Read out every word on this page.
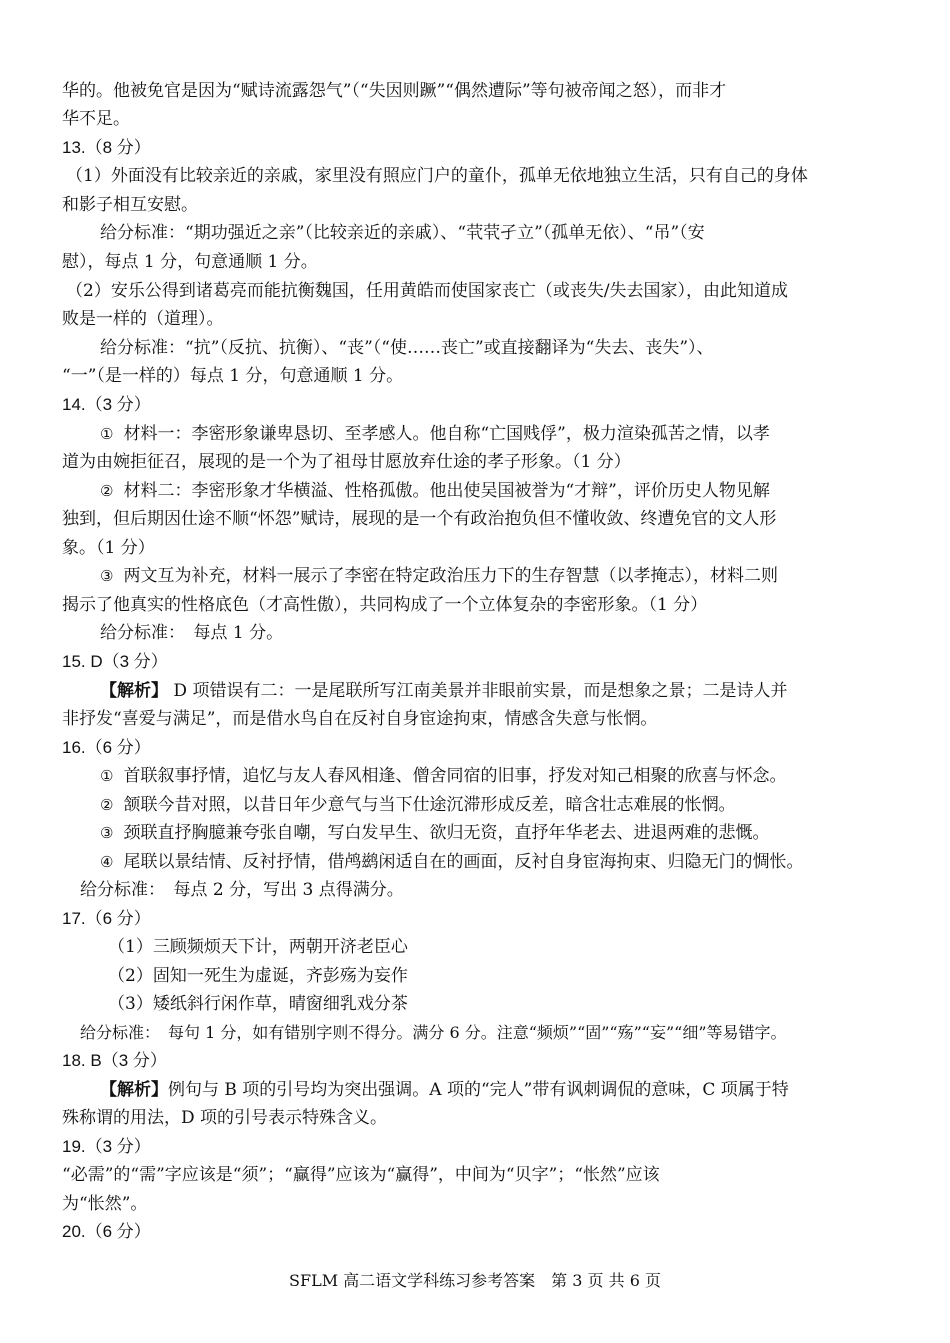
华的。他被免官是因为“赋诗流露怨气”（“失因则蹶”“偶然遭际”等句被帝闻之怒），而非才
华不足。
13.（8 分）
（1）外面没有比较亲近的亲戚，家里没有照应门户的童仆，孤单无依地独立生活，只有自己的身体
和影子相互安慰。
给分标准：“期功强近之亲”（比较亲近的亲戚）、“茕茕孑立”（孤单无依）、“吊”（安
慰），每点 1 分，句意通顺 1 分。
（2）安乐公得到诸葛亮而能抗衡魏国，任用黄皓而使国家丧亡（或丧失/失去国家），由此知道成
败是一样的（道理）。
给分标准：“抗”（反抗、抗衡）、“丧”（“使……丧亡”或直接翻译为“失去、丧失”）、
“一”（是一样的）每点 1 分，句意通顺 1 分。
14.（3 分）
① 材料一：李密形象谦卑恳切、至孝感人。他自称“亡国贱俘”，极力渲染孤苦之情，以孝
道为由婉拒征召，展现的是一个为了祖母甘愿放弃仕途的孝子形象。（1 分）
② 材料二：李密形象才华横溢、性格孤傲。他出使吴国被誉为“才辩”，评价历史人物见解
独到，但后期因仕途不顺“怀怨”赋诗，展现的是一个有政治抱负但不懂收敛、终遭免官的文人形
象。（1 分）
③ 两文互为补充，材料一展示了李密在特定政治压力下的生存智慧（以孝掩志），材料二则
揭示了他真实的性格底色（才高性傲），共同构成了一个立体复杂的李密形象。（1 分）
给分标准：　每点 1 分。
15. D（3 分）
【解析】 D 项错误有二：一是尾联所写江南美景并非眼前实景，而是想象之景；二是诗人并
非抒发“喜爱与满足”，而是借水鸟自在反衬自身宦途拘束，情感含失意与怅惘。
16.（6 分）
① 首联叙事抒情，追忆与友人春风相逢、僧舍同宿的旧事，抒发对知己相聚的欣喜与怀念。
② 颔联今昔对照，以昔日年少意气与当下仕途沉滞形成反差，暗含壮志难展的怅惘。
③ 颈联直抒胸臆兼夸张自嘲，写白发早生、欲归无资，直抒年华老去、进退两难的悲慨。
④ 尾联以景结情、反衬抒情，借鸬鹚闲适自在的画面，反衬自身宦海拘束、归隐无门的惆怅。
给分标准：　每点 2 分，写出 3 点得满分。
17.（6 分）
（1）三顾频烦天下计，两朝开济老臣心
（2）固知一死生为虚诞，齐彭殇为妄作
（3）矮纸斜行闲作草，晴窗细乳戏分茶
给分标准：　每句 1 分，如有错别字则不得分。满分 6 分。注意“频烦”“固”“殇”“妄”“细”等易错字。
18. B（3 分）
【解析】例句与 B 项的引号均为突出强调。A 项的“完人”带有讽刺调侃的意味，C 项属于特
殊称谓的用法，D 项的引号表示特殊含义。
19.（3 分）
“必需”的“需”字应该是“须”；“赢得”应该为“赢得”，中间为“贝字”；“怅然”应该
为“怅然”。
20.（6 分）
SFLM 高二语文学科练习参考答案　第 3 页 共 6 页
